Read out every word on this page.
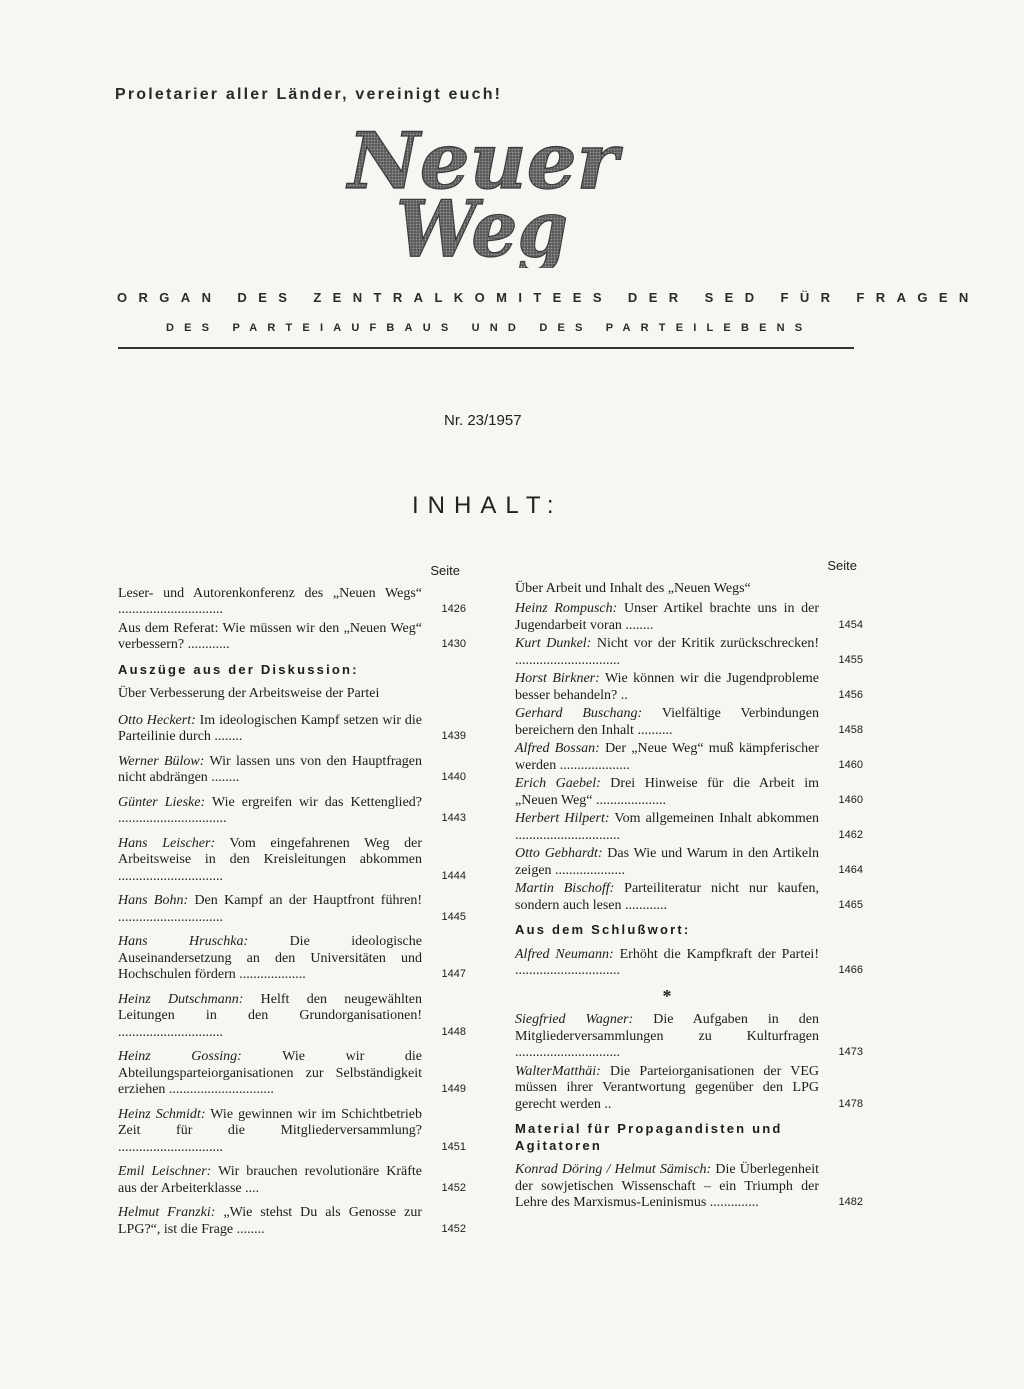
Proletarier aller Länder, vereinigt euch!
Neuer
Weg
ORGAN DES ZENTRALKOMITEES DER SED FÜR FRAGEN
DES PARTEIAUFBAUS UND DES PARTEILEBENS
Nr. 23/1957
INHALT:
Seite
Leser- und Autorenkonferenz des „Neuen Wegs“ ..............................	1426
Aus dem Referat: Wie müssen wir den „Neuen Weg“ verbessern? ............	1430
Auszüge aus der Diskussion:
Über Verbesserung der Arbeitsweise der Partei
Otto Heckert: Im ideologischen Kampf setzen wir die Parteilinie durch ........	1439
Werner Bülow: Wir lassen uns von den Hauptfragen nicht abdrängen ........	1440
Günter Lieske: Wie ergreifen wir das Kettenglied? ...............................	1443
Hans Leischer: Vom eingefahrenen Weg der Arbeitsweise in den Kreisleitungen abkommen ..............................	1444
Hans Bohn: Den Kampf an der Hauptfront führen! ..............................	1445
Hans Hruschka: Die ideologische Auseinandersetzung an den Universitäten und Hochschulen fördern ...................	1447
Heinz Dutschmann: Helft den neugewählten Leitungen in den Grundorganisationen! ..............................	1448
Heinz Gossing: Wie wir die Abteilungsparteiorganisationen zur Selbständigkeit erziehen ..............................	1449
Heinz Schmidt: Wie gewinnen wir im Schichtbetrieb Zeit für die Mitgliederversammlung? ..............................	1451
Emil Leischner: Wir brauchen revolutionäre Kräfte aus der Arbeiterklasse ....	1452
Helmut Franzki: „Wie stehst Du als Genosse zur LPG?“, ist die Frage ........	1452
Seite
Über Arbeit und Inhalt des „Neuen Wegs“
Heinz Rompusch: Unser Artikel brachte uns in der Jugendarbeit voran ........	1454
Kurt Dunkel: Nicht vor der Kritik zurückschrecken! ..............................	1455
Horst Birkner: Wie können wir die Jugendprobleme besser behandeln? ..	1456
Gerhard Buschang: Vielfältige Verbindungen bereichern den Inhalt ..........	1458
Alfred Bossan: Der „Neue Weg“ muß kämpferischer werden ....................	1460
Erich Gaebel: Drei Hinweise für die Arbeit im „Neuen Weg“ ....................	1460
Herbert Hilpert: Vom allgemeinen Inhalt abkommen ..............................	1462
Otto Gebhardt: Das Wie und Warum in den Artikeln zeigen ....................	1464
Martin Bischoff: Parteiliteratur nicht nur kaufen, sondern auch lesen ............	1465
Aus dem Schlußwort:
Alfred Neumann: Erhöht die Kampfkraft der Partei! ..............................	1466
*
Siegfried Wagner: Die Aufgaben in den Mitgliederversammlungen zu Kulturfragen ..............................	1473
WalterMatthäi: Die Parteiorganisationen der VEG müssen ihrer Verantwortung gegenüber den LPG gerecht werden ..	1478
Material für Propagandisten und Agitatoren
Konrad Döring / Helmut Sämisch: Die Überlegenheit der sowjetischen Wissenschaft – ein Triumph der Lehre des Marxismus-Leninismus ..............	1482
